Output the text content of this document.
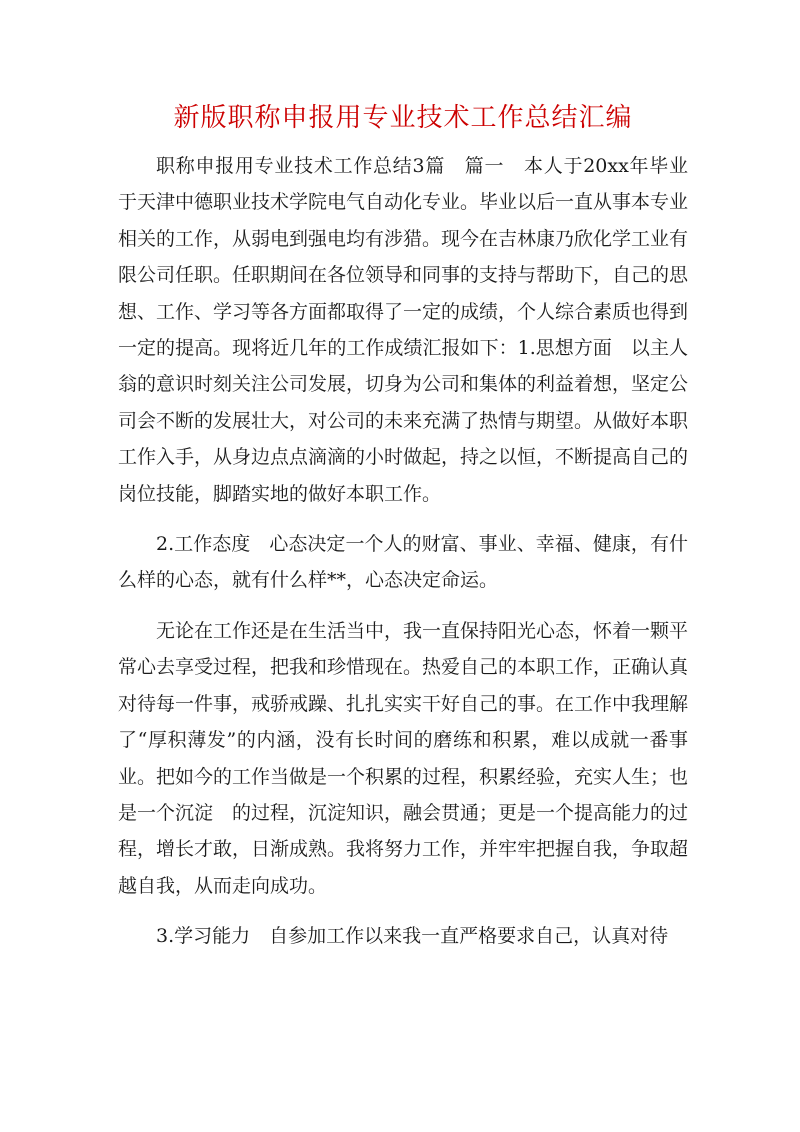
新版职称申报用专业技术工作总结汇编

职称申报用专业技术工作总结3篇　篇一　本人于20xx年毕业于天津中德职业技术学院电气自动化专业。毕业以后一直从事本专业相关的工作，从弱电到强电均有涉猎。现今在吉林康乃欣化学工业有限公司任职。任职期间在各位领导和同事的支持与帮助下，自己的思想、工作、学习等各方面都取得了一定的成绩，个人综合素质也得到一定的提高。现将近几年的工作成绩汇报如下：1.思想方面　以主人翁的意识时刻关注公司发展，切身为公司和集体的利益着想，坚定公司会不断的发展壮大，对公司的未来充满了热情与期望。从做好本职工作入手，从身边点点滴滴的小时做起，持之以恒，不断提高自己的岗位技能，脚踏实地的做好本职工作。

2.工作态度　心态决定一个人的财富、事业、幸福、健康，有什么样的心态，就有什么样**，心态决定命运。

无论在工作还是在生活当中，我一直保持阳光心态，怀着一颗平常心去享受过程，把我和珍惜现在。热爱自己的本职工作，正确认真对待每一件事，戒骄戒躁、扎扎实实干好自己的事。在工作中我理解了“厚积薄发”的内涵，没有长时间的磨练和积累，难以成就一番事业。把如今的工作当做是一个积累的过程，积累经验，充实人生；也是一个沉淀　的过程，沉淀知识，融会贯通；更是一个提高能力的过程，增长才敢，日渐成熟。我将努力工作，并牢牢把握自我，争取超越自我，从而走向成功。

3.学习能力　自参加工作以来我一直严格要求自己，认真对待
